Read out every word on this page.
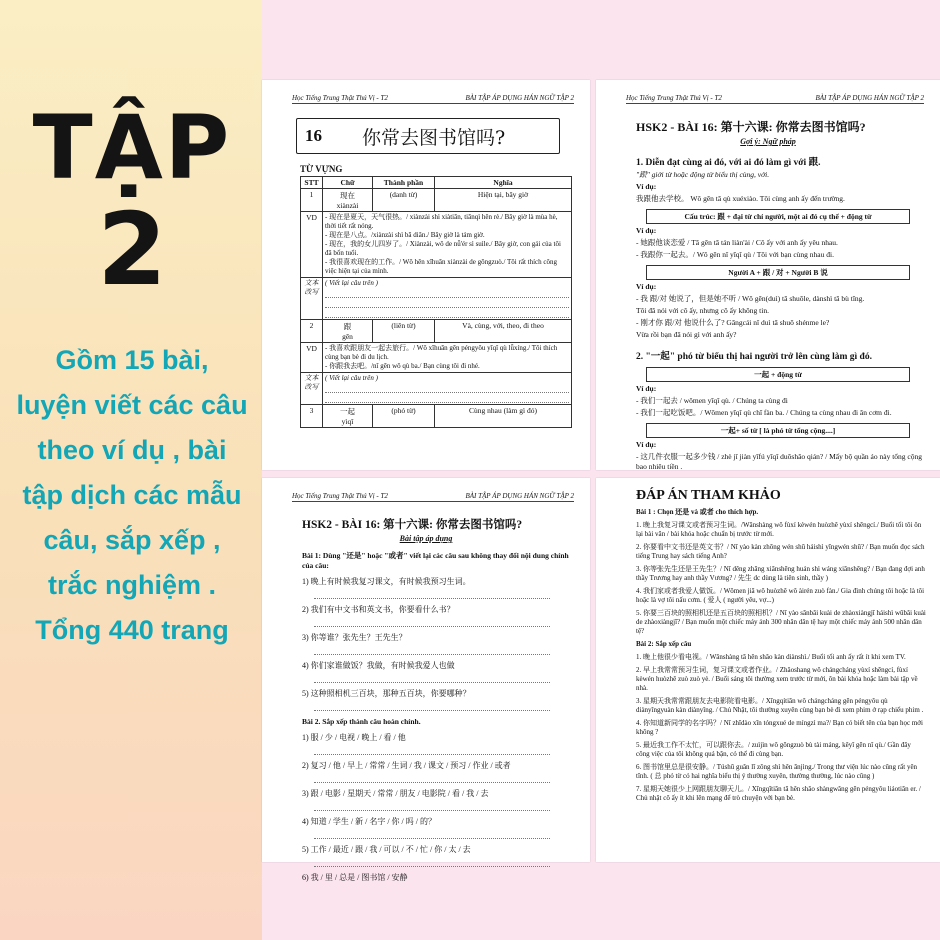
TẬP
2
Gồm 15 bài,
luyện viết các câu
theo ví dụ , bài
tập dịch các mẫu
câu, sắp xếp ,
trắc nghiệm .
Tổng 440 trang
Học Tiếng Trung Thật Thú Vị - T2	BÀI TẬP ÁP DỤNG HÁN NGỮ TẬP 2
16 你常去图书馆吗?
TỪ VỰNG
STT	Chữ	Thành phần	Nghĩa
1	现在
xiànzài	(danh từ)	Hiện tại, bây giờ
VD	- 现在是夏天，天气很热。/ xiànzài shì xiàtiān, tiānqì hěn rè./ Bây giờ là mùa hè, thời tiết rất nóng.
- 现在是八点。/xiànzài shì bā diǎn./ Bây giờ là tám giờ.
- 现在，我的女儿四岁了。/ Xiànzài, wǒ de nǚ'ér sì suìle./ Bây giờ, con gái của tôi đã bốn tuổi.
- 我很喜欢现在的工作。/ Wǒ hěn xǐhuān xiànzài de gōngzuò./ Tôi rất thích công việc hiện tại của mình.		

文本改写	( Viết lại câu trên )		

2	跟
gēn	(liên từ)	Và, cùng, với, theo, đi theo
VD	- 我喜欢跟朋友一起去旅行。/ Wǒ xǐhuān gēn péngyǒu yīqǐ qù lǚxíng./ Tôi thích cùng bạn bè đi du lịch.
- 你跟我去吧。/nǐ gēn wǒ qù ba./ Bạn cùng tôi đi nhé.		

文本改写	( Viết lại câu trên )		

3	一起
yìqǐ	(phó từ)	Cùng nhau (làm gì đó)
Học Tiếng Trung Thật Thú Vị - T2	BÀI TẬP ÁP DỤNG HÁN NGỮ TẬP 2
HSK2 - BÀI 16: 第十六课: 你常去图书馆吗?
Gợi ý: Ngữ pháp
1. Diễn đạt cùng ai đó, với ai đó làm gì với 跟.

"跟" giới từ hoặc động từ biểu thị cùng, với.

Ví dụ:

我跟他去学校。 Wǒ gēn tā qù xuéxiào. Tôi cùng anh ấy đến trường.

Cấu trúc: 跟 + đại từ chỉ người, một ai đó cụ thể + động từ

Ví dụ:

- 她跟他谈恋爱 / Tā gēn tā tán liàn'ài / Cô ấy với anh ấy yêu nhau.

- 我跟你一起去。/ Wǒ gēn nǐ yīqǐ qù / Tôi với bạn cùng nhau đi.

Người A + 跟 / 对 + Người B 说

Ví dụ:

- 我 跟/对 她说了，但是她不听 / Wǒ gēn(duì) tā shuōle, dànshì tā bù tīng.

Tôi đã nói với cô ấy, nhưng cô ấy không tin.

- 刚才你 跟/对 他说什么了? Gāngcái nǐ duì tā shuō shénme le?

Vừa rồi bạn đã nói gì với anh ấy?

2. "一起" phó từ biểu thị hai người trở lên cùng làm gì đó.
一起 + động từ

Ví dụ:

- 我们一起去 / wǒmen yīqǐ qù. / Chúng ta cùng đi

- 我们一起吃饭吧。/ Wǒmen yīqǐ qù chī fàn ba. / Chúng ta cùng nhau đi ăn cơm đi.

一起+ số từ [ là phó từ tổng cộng....]

Ví dụ:

- 这几件衣服一起多少钱 / zhè jǐ jiàn yīfú yīqǐ duōshǎo qián? / Mấy bộ quần áo này tổng cộng bao nhiêu tiền .

Học Tiếng Trung Thật Thú Vị - T2	BÀI TẬP ÁP DỤNG HÁN NGỮ TẬP 2
HSK2 - BÀI 16: 第十六课: 你常去图书馆吗?
Bài tập áp dụng
Bài 1: Dùng "还是" hoặc "或者" viết lại các câu sau không thay đổi nội dung chính của câu:
1) 晚上有时候我复习课文，有时候我预习生词。
2) 我们有中文书和英文书，你要看什么书？
3) 你等谁？张先生？王先生？
4) 你们家谁做饭？我做，有时候我爱人也做
5) 这种照相机三百块，那种五百块，你要哪种？
Bài 2. Sắp xếp thành câu hoàn chỉnh.
1) 服 / 少 / 电视 / 晚上 / 看 / 他
2) 复习 / 他 / 早上 / 常常 / 生词 / 我 / 课文 / 预习 / 作业 / 或者
3) 跟 / 电影 / 星期天 / 常常 / 朋友 / 电影院 / 看 / 我 / 去
4) 知道 / 学生 / 新 / 名字 / 你 / 吗 / 的？
5) 工作 / 最近 / 跟 / 我 / 可以 / 不 / 忙 / 你 / 太 / 去
6) 我 / 里 / 总是 / 图书馆 / 安静
ĐÁP ÁN THAM KHẢO

Bài 1 : Chọn 还是 và 或者 cho thích hợp.

1. 晚上我复习课文或者预习生词。/Wǎnshàng wǒ fùxí kèwén huòzhě yùxí shēngcí./ Buổi tối tôi ôn lại bài văn / bài khóa hoặc chuẩn bị trước từ mới.

2. 你要看中文书还是英文书？/ Nǐ yào kàn zhōng wén shū háishì yīngwén shū? / Bạn muốn đọc sách tiếng Trung hay sách tiếng Anh?

3. 你等张先生还是王先生？/ Nǐ děng zhāng xiānshēng huán shì wáng xiānshēng? / Bạn đang đợi anh thầy Trương hay anh thầy Vương? / 先生 dc dùng là tiên sinh, thầy )

4. 我们家或者我爱人做饭。/ Wǒmen jiā wǒ huòzhě wǒ àirén zuò fàn./ Gia đình chúng tôi hoặc là tôi hoặc là vợ tôi nấu cơm. ( 爱人 ( người yêu, vợ...)

5. 你要三百块的照相机还是五百块的照相机？/ Nǐ yào sānbǎi kuài de zhàoxiàngjī háishì wǔbǎi kuài de zhàoxiàngjī? / Bạn muốn một chiếc máy ảnh 300 nhân dân tệ hay một chiếc máy ảnh 500 nhân dân tệ?

Bài 2: Sắp xếp câu

1. 晚上他很少看电视。/ Wǎnshàng tā hěn shǎo kàn diànshì./ Buổi tối anh ấy rất ít khi xem TV.

2. 早上我常常预习生词，复习课文或者作业。/ Zhǎoshang wǒ chángcháng yùxí shēngcí, fùxí kèwén huòzhě zuò zuò yè. / Buổi sáng tôi thường xem trước từ mới, ôn bài khóa hoặc làm bài tập về nhà.

3. 星期天我常常跟朋友去电影院看电影。/ Xīngqítiān wǒ chángcháng gēn péngyǒu qù diànyǐngyuàn kàn diànyǐng. / Chủ Nhật, tôi thường xuyên cùng bạn bè đi xem phim ở rạp chiếu phim .

4. 你知道新同学的名字吗？/ Nǐ zhīdào xīn tóngxué de míngzì ma?/ Bạn có biết tên của bạn học mới không ?

5. 最近我工作不太忙，可以跟你去。/ zuìjìn wǒ gōngzuò bù tài máng, kěyǐ gēn nǐ qù./ Gần đây công việc của tôi không quá bận, có thể đi cùng bạn.

6. 图书馆里总是很安静。/ Túshū guǎn lǐ zǒng shì hěn ānjìng./ Trong thư viện lúc nào cũng rất yên tĩnh. ( 总 phó từ có hai nghĩa biểu thị ý thường xuyên, thường thường, lúc nào cũng )

7. 星期天她很少上网跟朋友聊天儿。/ Xīngqītiān tā hěn shǎo shàngwǎng gēn péngyǒu liáotiān er. / Chủ nhật cô ấy ít khi lên mạng để trò chuyện với bạn bè.
